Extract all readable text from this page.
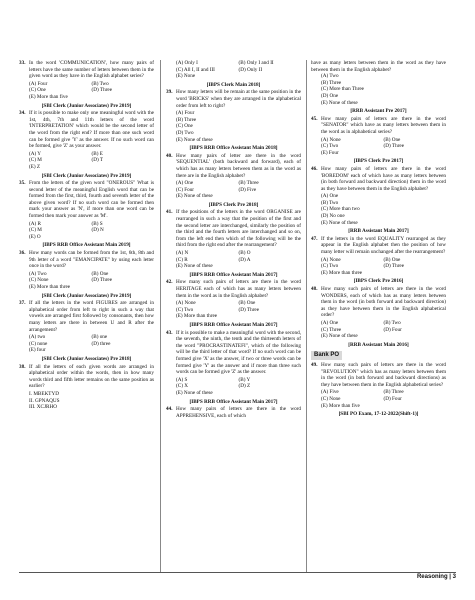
33. In the word 'COMMUNICATION', how many pairs of letters have the same number of letters between them in the given word as they have in the English alphabet series?
(A) Four	(B) Two
(C) One	(D) Three
(E) More than five
[SBI Clerk (Junior Associates) Pre 2019]
34. If it is possible to make only one meaningful word with the 1st, 4th, 7th and 11th letters of the word 'INTERPRETATION' which would be the second letter of the word from the right end? If more than one such word can be formed give 'Y' as the answer. If no such word can be formed, give 'Z' as your answer.
(A) Y	(B) E
(C) M	(D) T
(E) Z
[SBI Clerk (Junior Associates) Pre 2019]
35. From the letters of the given word "ONEROUS" What is second letter of the meaningful English word that can be formed from the first, third, fourth and seventh letter of the above given word? If no such word can be formed then mark your answer as 'N', if more than one word can be formed then mark your answer as 'M'.
(A) R	(B) S
(C) M	(D) N
(E) O
[IBPS RRB Office Assistant Main 2019]
36. How many words can be formed from the 1st, 6th, 8th and 9th letter of a word "EMANCIPATE" by using each letter once in the word?
(A) Two	(B) One
(C) None	(D) Three
(E) More than three
[SBI Clerk (Junior Associates) Pre 2019]
37. If all the letters in the word FIGURES are arranged in alphabetical order from left to right in such a way that vowels are arranged first followed by consonants, then how many letters are there in between U and R after the arrangement?
(A) two	(B) one
(C) none	(D) three
(E) four
[SBI Clerk (Junior Associates) Pre 2018]
38. If all the letters of each given words are arranged in alphabetical order within the words, then in how many words third and fifth letter remains on the same position as earlier?
I. MBEKTYD
II. GPNAQUS
III. XCJRHO
(A) Only I	(B) Only I and II
(C) All I, II and III	(D) Only II
(E) None
[IBPS Clerk Main 2018]
39. How many letters will be remain at the same position in the word 'BRICKS' when they are arranged in the alphabetical order from left to right?
(A) Four
(B) Three
(C) One
(D) Two
(E) None of these
[IBPS RRB Office Assistant Main 2018]
40. How many pairs of letter are there in the word 'SEQUENTIAL' (both backward and forward), each of which has as many letters between them as in the word as there are in the English alphabet?
(A) One	(B) Three
(C) Four	(D) Five
(E) None of these
[IBPS Clerk Pre 2018]
41. If the positions of the letters in the word ORGANISE are rearranged in such a way that the position of the first and the second letter are interchanged, similarly the position of the third and the fourth letters are interchanged and so on, from the left end then which of the following will be the third from the right end after the rearrangement?
(A) N	(B) O
(C) R	(D) A
(E) None of these
[IBPS RRB Office Assistant Main 2017]
42. How many such pairs of letters are there in the word HERITAGE each of which has as many letters between them in the word as in the English alphabet?
(A) None	(B) One
(C) Two	(D) Three
(E) More than three
[IBPS RRB Office Assistant Main 2017]
43. If it is possible to make a meaningful word with the second, the seventh, the ninth, the tenth and the thirteenth letters of the word "PROCRASTINATEFI", which of the following will be the third letter of that word? If no such word can be formed give 'X' as the answer, if two or three words can be formed give 'Y' as the answer and if more than three such words can be formed give 'Z' as the answer.
(A) S	(B) Y
(C) X	(D) Z
(E) None of these
[IBPS RRB Office Assistant Main 2017]
44. How many pairs of letters are there in the word APPREHENSIVE, each of which
have as many letters between them in the word as they have between them in the English alphabet?
(A) Two
(B) Three
(C) More than Three
(D) One
(E) None of these
[RRB Assistant Pre 2017]
45. How many pairs of letters are there in the word "SENATOR" which have as many letters between them in the word as in alphabetical series?
(A) None	(B) One
(C) Two	(D) Three
(E) Four
[IBPS Clerk Pre 2017]
46. How many pairs of letters are there in the word 'BOREDOM' each of which have as many letters between (in both forward and backward direction) them in the word as they have between them in the English alphabet?
(A) One
(B) Two
(C) More than two
(D) No one
(E) None of these
[RRB Assistant Main 2017]
47. If the letters in the word EQUALITY rearranged as they appear in the English alphabet then the position of how many letter will remain unchanged after the rearrangement?
(A) None	(B) One
(C) Two	(D) Three
(E) More than three
[IBPS Clerk Pre 2016]
48. How many such pairs of letters are there in the word WONDERS, each of which has as many letters between them in the word (in both forward and backward direction) as they have between them in the English alphabetical order?
(A) One	(B) Two
(C) Three	(D) Four
(E) None of these
[RRB Assistant Main 2016]
Bank PO
49. How many such pairs of letters are there in the word "REVOLUTION" which has as many letters between them in the word (in both forward and backward directions) as they have between them in the English alphabetical series?
(A) Five	(B) Three
(C) None	(D) Four
(E) More than five
[SBI PO Exam, 17-12-2022(Shift-1)]
Reasoning | 3
